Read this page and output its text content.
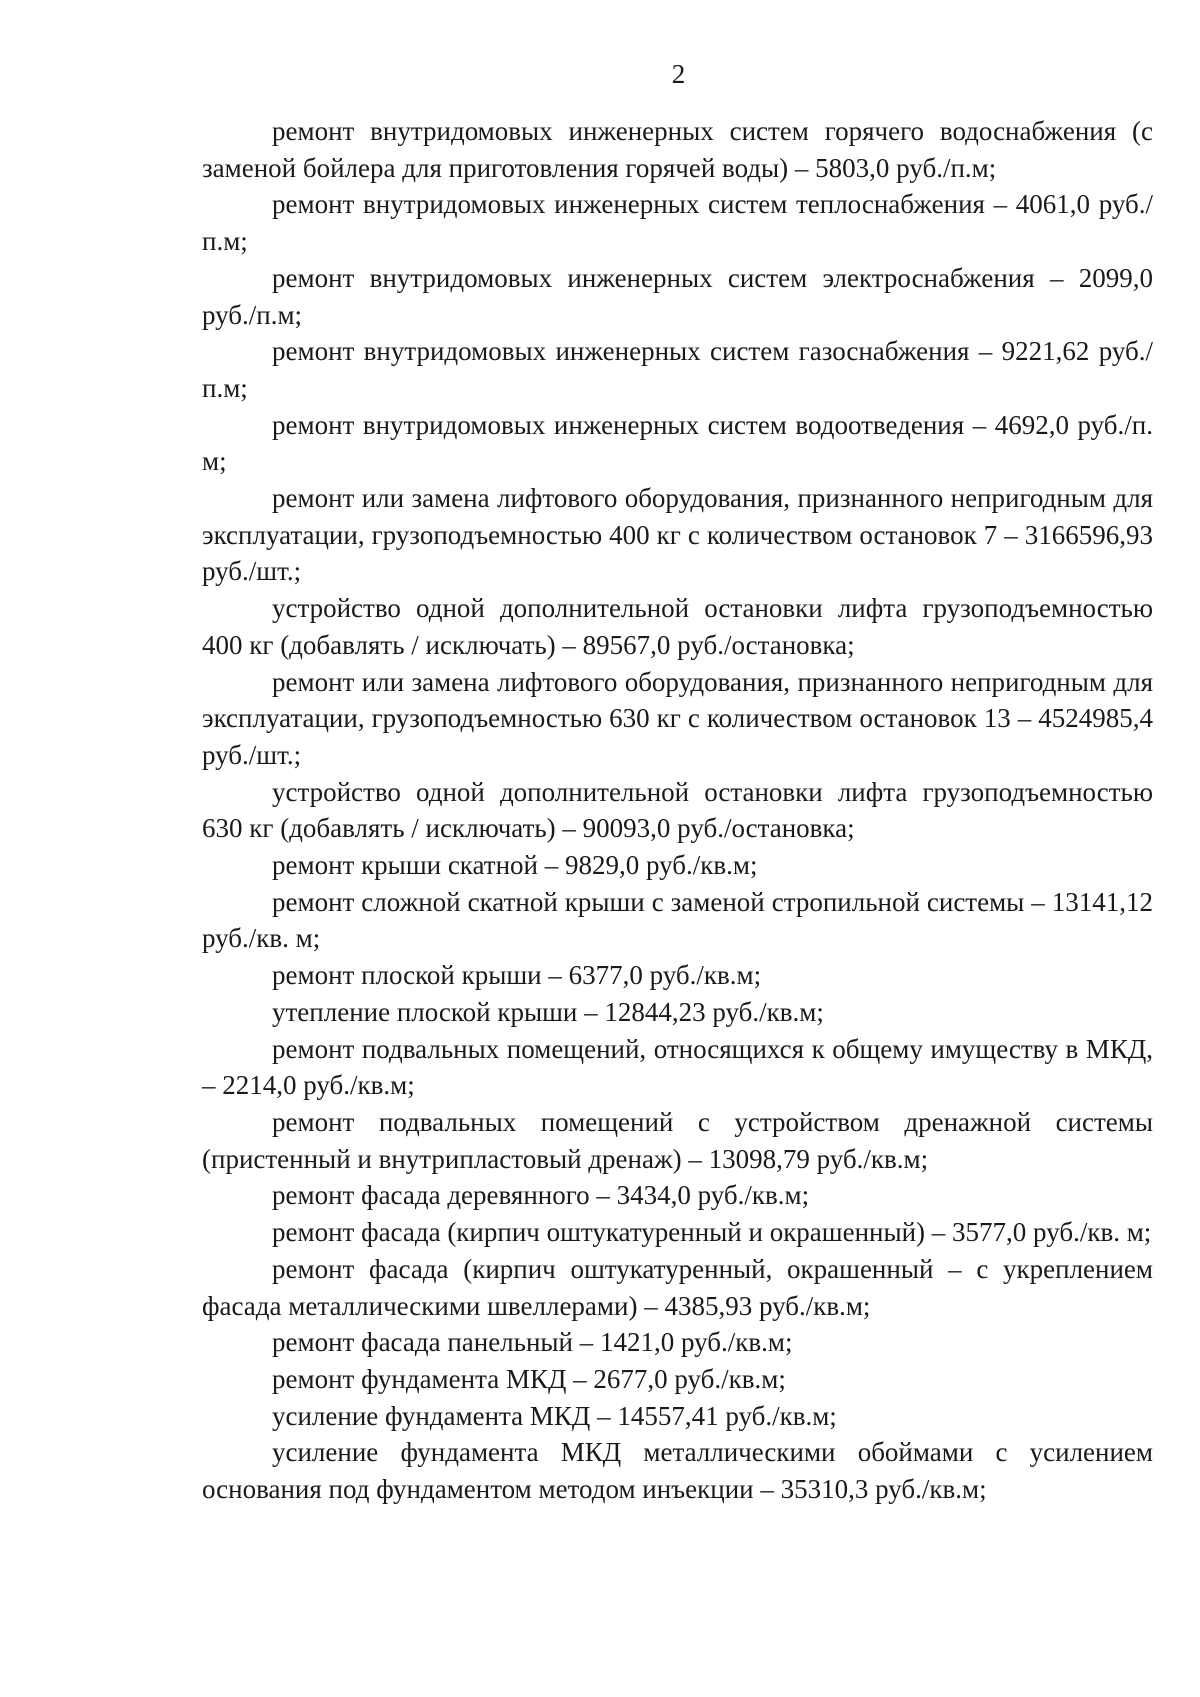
2

ремонт внутридомовых инженерных систем горячего водоснабжения (с заменой бойлера для приготовления горячей воды) – 5803,0 руб./п.м;

ремонт внутридомовых инженерных систем теплоснабжения – 4061,0 руб./п.м;

ремонт внутридомовых инженерных систем электроснабжения – 2099,0 руб./п.м;

ремонт внутридомовых инженерных систем газоснабжения – 9221,62 руб./п.м;

ремонт внутридомовых инженерных систем водоотведения – 4692,0 руб./п. м;

ремонт или замена лифтового оборудования, признанного непригодным для эксплуатации, грузоподъемностью 400 кг с количеством остановок 7 – 3166596,93 руб./шт.;

устройство одной дополнительной остановки лифта грузоподъемностью 400 кг (добавлять / исключать) – 89567,0 руб./остановка;

ремонт или замена лифтового оборудования, признанного непригодным для эксплуатации, грузоподъемностью 630 кг с количеством остановок 13 – 4524985,4 руб./шт.;

устройство одной дополнительной остановки лифта грузоподъемностью 630 кг (добавлять / исключать) – 90093,0 руб./остановка;

ремонт крыши скатной – 9829,0 руб./кв.м;

ремонт сложной скатной крыши с заменой стропильной системы – 13141,12 руб./кв. м;

ремонт плоской крыши – 6377,0 руб./кв.м;

утепление плоской крыши – 12844,23 руб./кв.м;

ремонт подвальных помещений, относящихся к общему имуществу в МКД, – 2214,0 руб./кв.м;

ремонт подвальных помещений с устройством дренажной системы (пристенный и внутрипластовый дренаж) – 13098,79 руб./кв.м;

ремонт фасада деревянного – 3434,0 руб./кв.м;

ремонт фасада (кирпич оштукатуренный и окрашенный) – 3577,0 руб./кв. м;

ремонт фасада (кирпич оштукатуренный, окрашенный – с укреплением фасада металлическими швеллерами) – 4385,93 руб./кв.м;

ремонт фасада панельный – 1421,0 руб./кв.м;

ремонт фундамента МКД – 2677,0 руб./кв.м;

усиление фундамента МКД – 14557,41 руб./кв.м;

усиление фундамента МКД металлическими обоймами с усилением основания под фундаментом методом инъекции – 35310,3 руб./кв.м;
